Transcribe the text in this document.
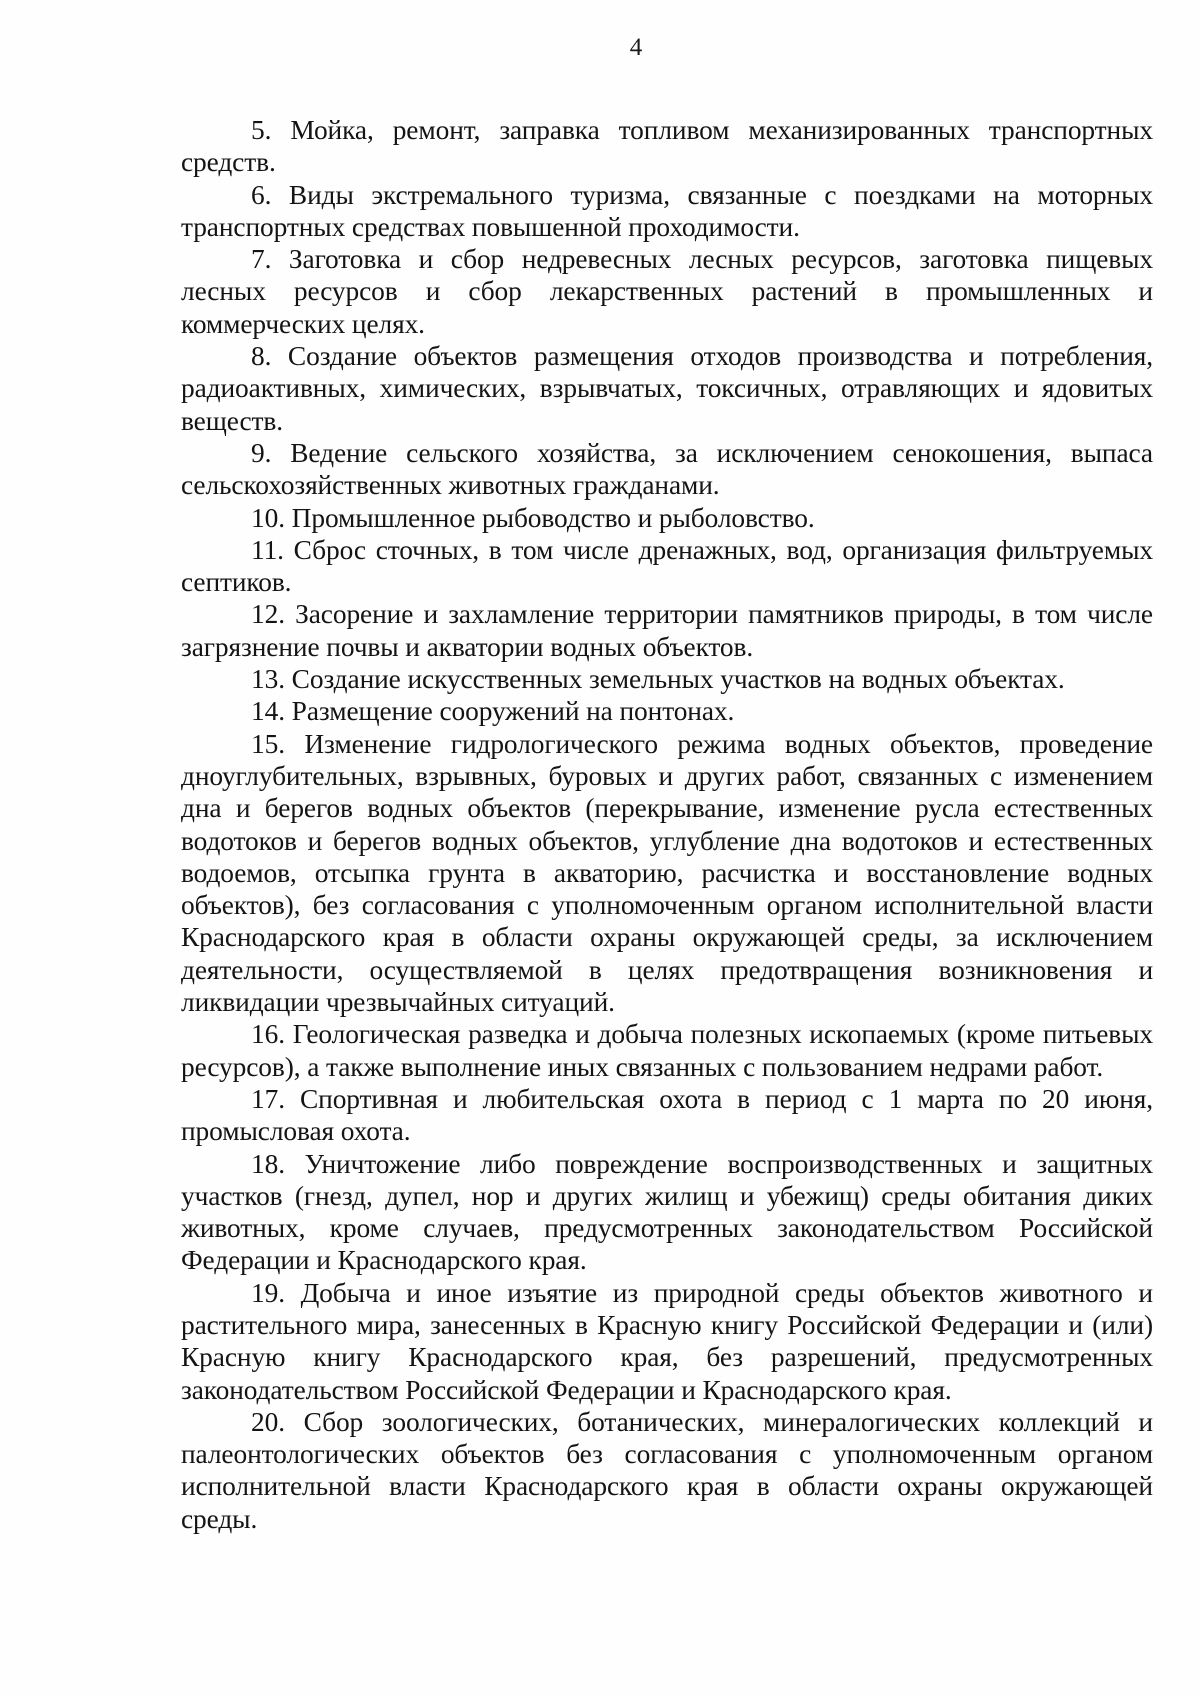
4

5. Мойка, ремонт, заправка топливом механизированных транспортных средств.

6. Виды экстремального туризма, связанные с поездками на моторных транспортных средствах повышенной проходимости.

7. Заготовка и сбор недревесных лесных ресурсов, заготовка пищевых лесных ресурсов и сбор лекарственных растений в промышленных и коммерческих целях.

8. Создание объектов размещения отходов производства и потребления, радиоактивных, химических, взрывчатых, токсичных, отравляющих и ядовитых веществ.

9. Ведение сельского хозяйства, за исключением сенокошения, выпаса сельскохозяйственных животных гражданами.

10. Промышленное рыбоводство и рыболовство.

11. Сброс сточных, в том числе дренажных, вод, организация фильтруемых септиков.

12. Засорение и захламление территории памятников природы, в том числе загрязнение почвы и акватории водных объектов.

13. Создание искусственных земельных участков на водных объектах.

14. Размещение сооружений на понтонах.

15. Изменение гидрологического режима водных объектов, проведение дноуглубительных, взрывных, буровых и других работ, связанных с изменением дна и берегов водных объектов (перекрывание, изменение русла естественных водотоков и берегов водных объектов, углубление дна водотоков и естественных водоемов, отсыпка грунта в акваторию, расчистка и восстановление водных объектов), без согласования с уполномоченным органом исполнительной власти Краснодарского края в области охраны окружающей среды, за исключением деятельности, осуществляемой в целях предотвращения возникновения и ликвидации чрезвычайных ситуаций.

16. Геологическая разведка и добыча полезных ископаемых (кроме питьевых ресурсов), а также выполнение иных связанных с пользованием недрами работ.

17. Спортивная и любительская охота в период с 1 марта по 20 июня, промысловая охота.

18. Уничтожение либо повреждение воспроизводственных и защитных участков (гнезд, дупел, нор и других жилищ и убежищ) среды обитания диких животных, кроме случаев, предусмотренных законодательством Российской Федерации и Краснодарского края.

19. Добыча и иное изъятие из природной среды объектов животного и растительного мира, занесенных в Красную книгу Российской Федерации и (или) Красную книгу Краснодарского края, без разрешений, предусмотренных законодательством Российской Федерации и Краснодарского края.

20. Сбор зоологических, ботанических, минералогических коллекций и палеонтологических объектов без согласования с уполномоченным органом исполнительной власти Краснодарского края в области охраны окружающей среды.
